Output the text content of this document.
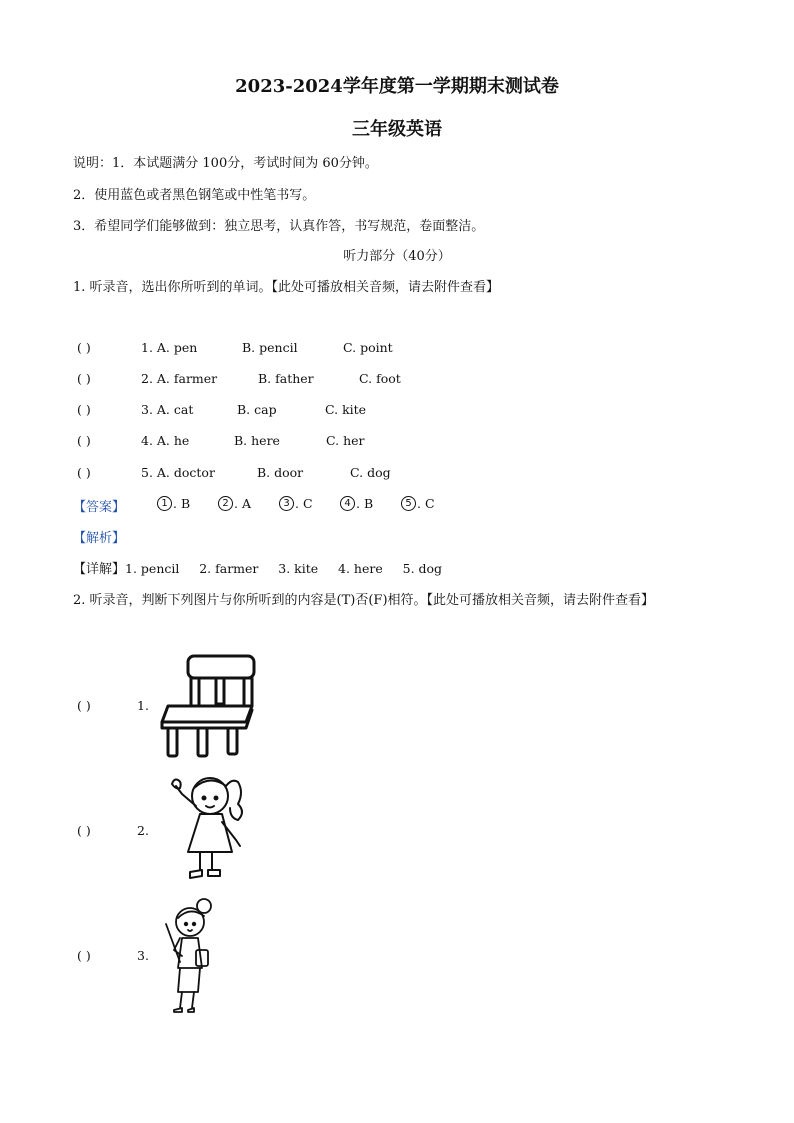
2023-2024学年度第一学期期末测试卷
三年级英语
说明：1．本试题满分 100分，考试时间为 60分钟。
2．使用蓝色或者黑色钢笔或中性笔书写。
3．希望同学们能够做到：独立思考，认真作答，书写规范，卷面整洁。
听力部分（40分）
1. 听录音，选出你所听到的单词。【此处可播放相关音频，请去附件查看】
( )	1. A. pen	B. pencil	C. point
( )	2. A. farmer	B. father	C. foot
( )	3. A. cat	B. cap	C. kite
( )	4. A. he	B. here	C. her
( )	5. A. doctor	B. door	C. dog
【答案】	1 . B	2 . A	3 . C	4 . B	5 . C
【解析】
【详解】1. pencil     2. farmer     3. kite     4. here     5. dog
2. 听录音，判断下列图片与你所听到的内容是(T)否(F)相符。【此处可播放相关音频，请去附件查看】
( )	1.
( )	2.
( )	3.
